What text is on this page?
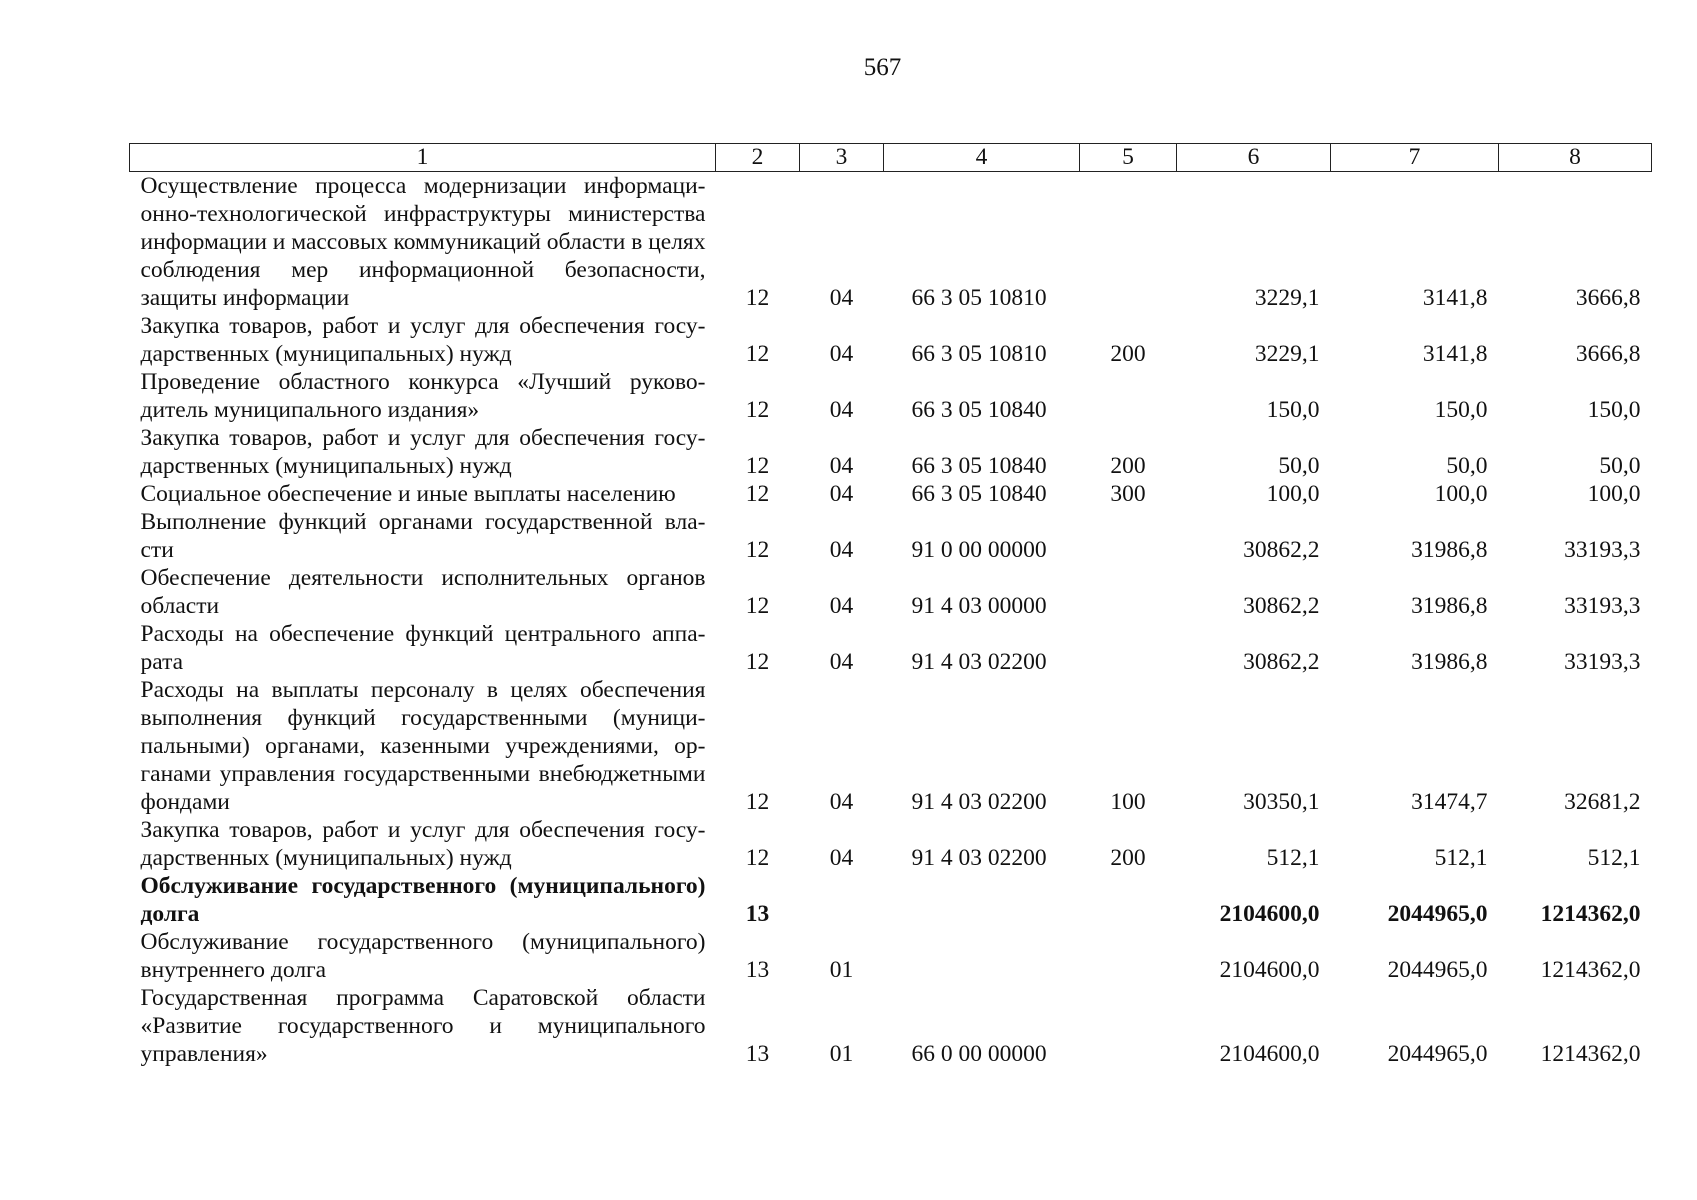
567
1	2	3	4	5	6	7	8
Осуществление процесса модернизации информационно-технологической инфраструктуры министерства информации и массовых коммуникаций области в целях соблюдения мер информационной безопасности, защиты информации	12	04	66 3 05 10810		3229,1	3141,8	3666,8
Закупка товаров, работ и услуг для обеспечения государственных (муниципальных) нужд	12	04	66 3 05 10810	200	3229,1	3141,8	3666,8
Проведение областного конкурса «Лучший руководитель муниципального издания»	12	04	66 3 05 10840		150,0	150,0	150,0
Закупка товаров, работ и услуг для обеспечения государственных (муниципальных) нужд	12	04	66 3 05 10840	200	50,0	50,0	50,0
Социальное обеспечение и иные выплаты населению	12	04	66 3 05 10840	300	100,0	100,0	100,0
Выполнение функций органами государственной власти	12	04	91 0 00 00000		30862,2	31986,8	33193,3
Обеспечение деятельности исполнительных органов области	12	04	91 4 03 00000		30862,2	31986,8	33193,3
Расходы на обеспечение функций центрального аппарата	12	04	91 4 03 02200		30862,2	31986,8	33193,3
Расходы на выплаты персоналу в целях обеспечения выполнения функций государственными (муниципальными) органами, казенными учреждениями, органами управления государственными внебюджетными фондами	12	04	91 4 03 02200	100	30350,1	31474,7	32681,2
Закупка товаров, работ и услуг для обеспечения государственных (муниципальных) нужд	12	04	91 4 03 02200	200	512,1	512,1	512,1
Обслуживание государственного (муниципального) долга	13				2104600,0	2044965,0	1214362,0
Обслуживание государственного (муниципального) внутреннего долга	13	01			2104600,0	2044965,0	1214362,0
Государственная программа Саратовской области «Развитие государственного и муниципального управления»	13	01	66 0 00 00000		2104600,0	2044965,0	1214362,0
